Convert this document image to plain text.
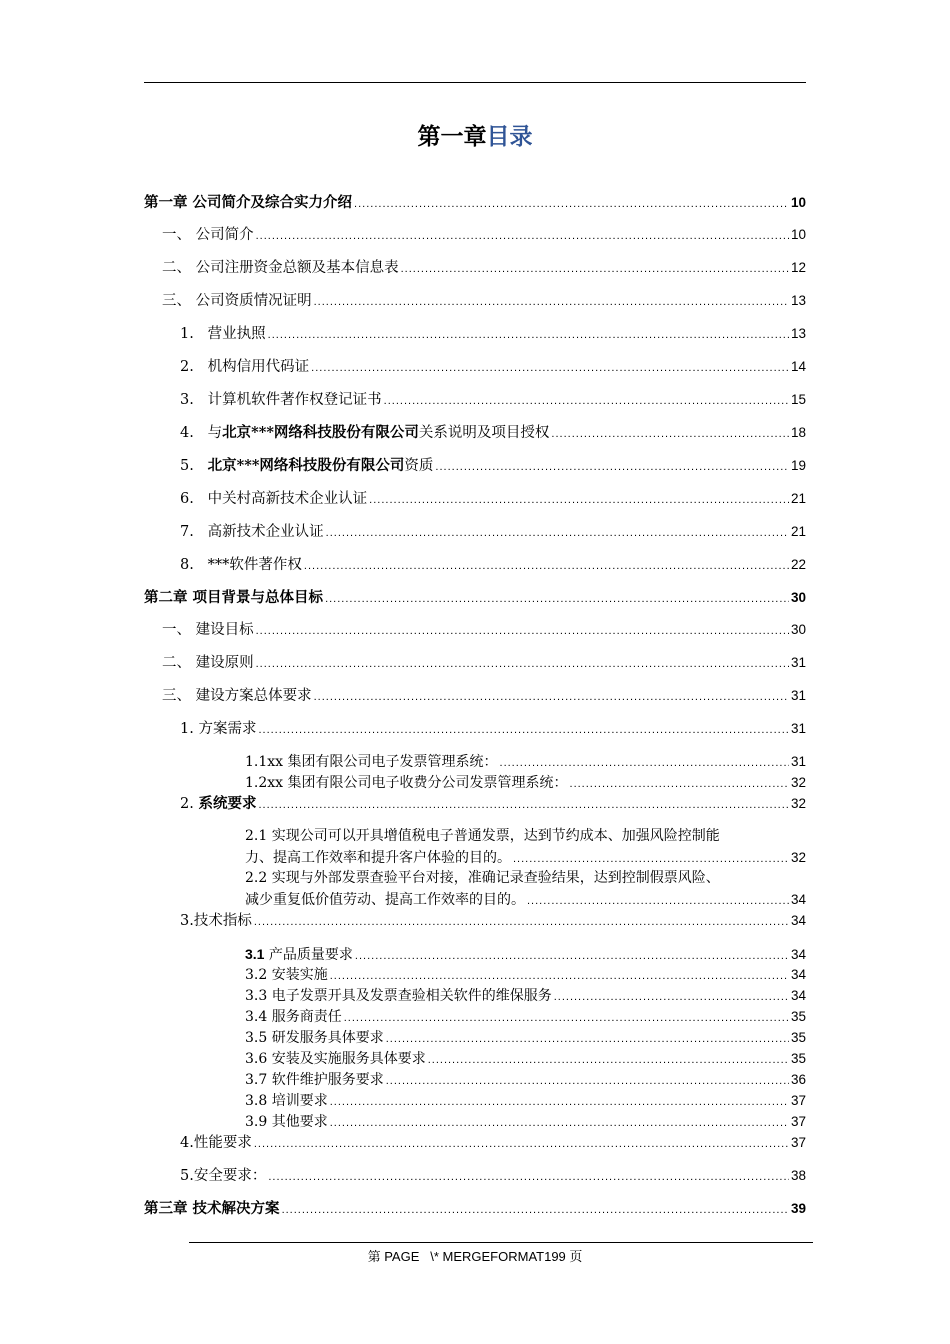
第一章目录
第一章 公司简介及综合实力介绍 .....	10
一、 公司简介 .....	10
二、 公司注册资金总额及基本信息表 .....	12
三、 公司资质情况证明 .....	13
1.   营业执照 .....	13
2.   机构信用代码证 .....	14
3.   计算机软件著作权登记证书 .....	15
4.   与北京***网络科技股份有限公司关系说明及项目授权 .....	18
5.   北京***网络科技股份有限公司资质 .....	19
6.   中关村高新技术企业认证 .....	21
7.   高新技术企业认证 .....	21
8.   ***软件著作权 .....	22
第二章 项目背景与总体目标 .....	30
一、 建设目标 .....	30
二、 建设原则 .....	31
三、 建设方案总体要求 .....	31
1. 方案需求 .....	31
1.1xx 集团有限公司电子发票管理系统： .....	31
1.2xx 集团有限公司电子收费分公司发票管理系统： .....	32
2. 系统要求 .....	32
2.1 实现公司可以开具增值税电子普通发票，达到节约成本、加强风险控制能
力、提高工作效率和提升客户体验的目的。 .....	32
2.2 实现与外部发票查验平台对接，准确记录查验结果，达到控制假票风险、
减少重复低价值劳动、提高工作效率的目的。 .....	34
3.技术指标 .....	34
3.1 产品质量要求 .....	34
3.2 安装实施 .....	34
3.3 电子发票开具及发票查验相关软件的维保服务 .....	34
3.4 服务商责任 .....	35
3.5 研发服务具体要求 .....	35
3.6 安装及实施服务具体要求 .....	35
3.7 软件维护服务要求 .....	36
3.8 培训要求 .....	37
3.9 其他要求 .....	37
4.性能要求 .....	37
5.安全要求： .....	38
第三章 技术解决方案 .....	39
第 PAGE   \* MERGEFORMAT199 页
